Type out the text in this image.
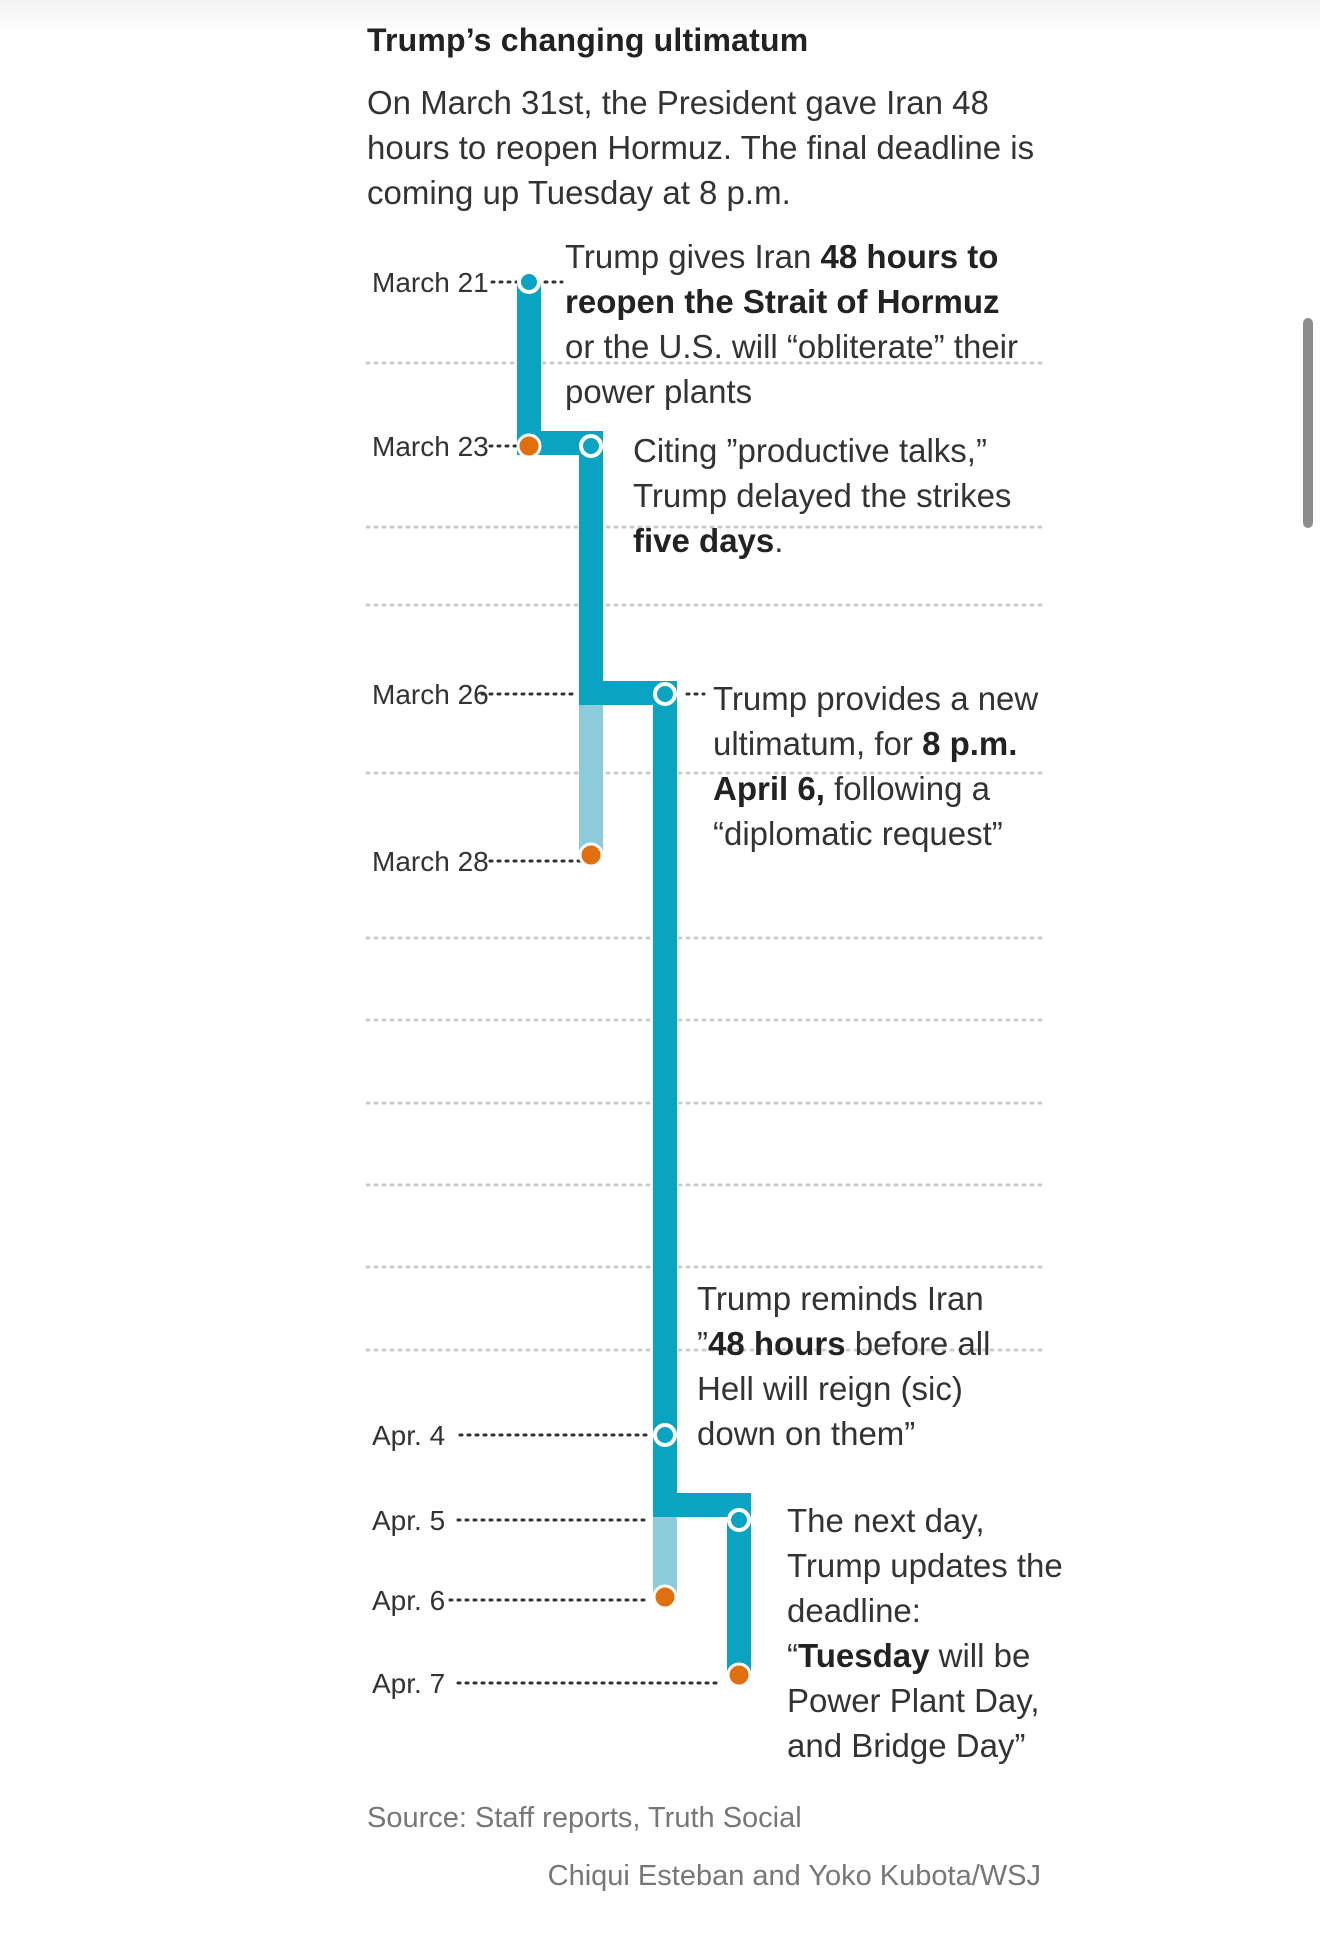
Trump’s changing ultimatum
On March 31st, the President gave Iran 48 hours to reopen Hormuz. The final deadline is coming up Tuesday at 8 p.m.
March 21
March 23
March 26
March 28
Apr. 4
Apr. 5
Apr. 6
Apr. 7
Trump gives Iran 48 hours to reopen the Strait of Hormuz or the U.S. will “obliterate” their power plants
Citing ”productive talks,” Trump delayed the strikes five days.
Trump provides a new ultimatum, for 8 p.m. April 6, following a “diplomatic request”
Trump reminds Iran ”48 hours before all Hell will reign (sic) down on them”
The next day, Trump updates the deadline: “Tuesday will be Power Plant Day, and Bridge Day”
Source: Staff reports, Truth Social
Chiqui Esteban and Yoko Kubota/WSJ
